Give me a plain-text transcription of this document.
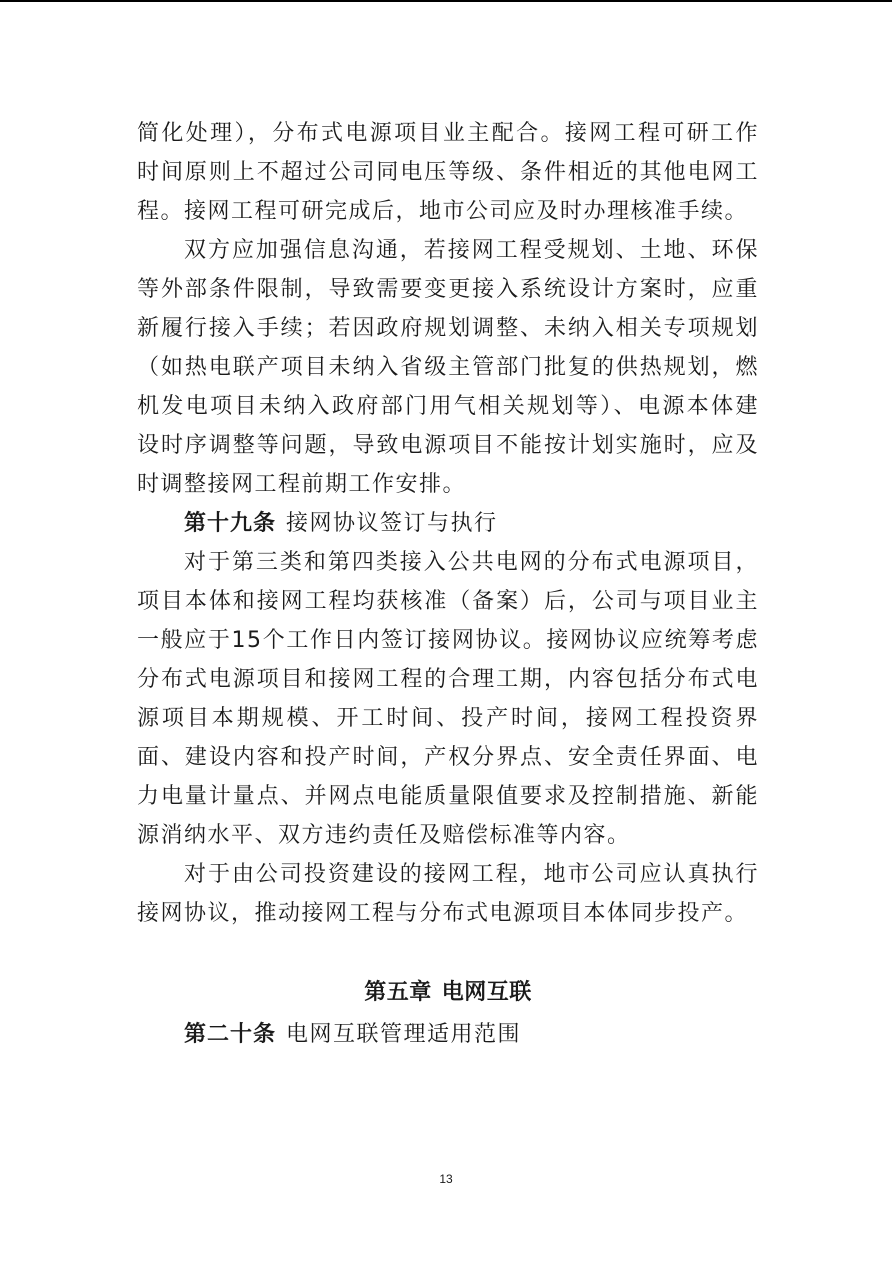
简化处理），分布式电源项目业主配合。接网工程可研工作时间原则上不超过公司同电压等级、条件相近的其他电网工程。接网工程可研完成后，地市公司应及时办理核准手续。

双方应加强信息沟通，若接网工程受规划、土地、环保等外部条件限制，导致需要变更接入系统设计方案时，应重新履行接入手续；若因政府规划调整、未纳入相关专项规划（如热电联产项目未纳入省级主管部门批复的供热规划，燃机发电项目未纳入政府部门用气相关规划等）、电源本体建设时序调整等问题，导致电源项目不能按计划实施时，应及时调整接网工程前期工作安排。

第十九条 接网协议签订与执行

对于第三类和第四类接入公共电网的分布式电源项目，项目本体和接网工程均获核准（备案）后，公司与项目业主一般应于15个工作日内签订接网协议。接网协议应统筹考虑分布式电源项目和接网工程的合理工期，内容包括分布式电源项目本期规模、开工时间、投产时间，接网工程投资界面、建设内容和投产时间，产权分界点、安全责任界面、电力电量计量点、并网点电能质量限值要求及控制措施、新能源消纳水平、双方违约责任及赔偿标准等内容。

对于由公司投资建设的接网工程，地市公司应认真执行接网协议，推动接网工程与分布式电源项目本体同步投产。

第五章 电网互联

第二十条 电网互联管理适用范围

13
